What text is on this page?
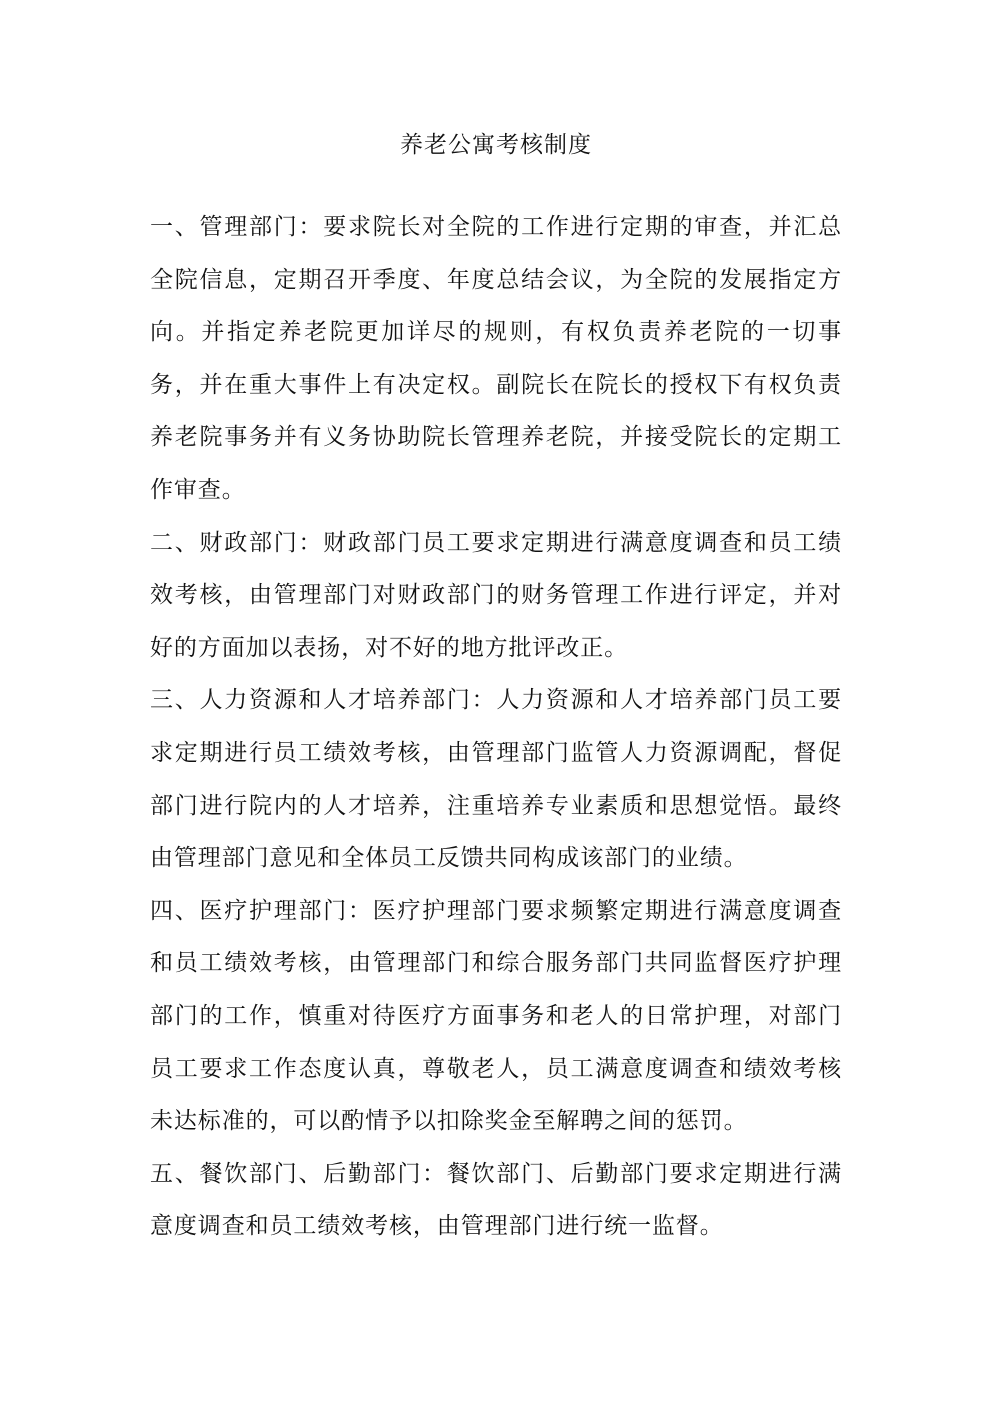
养老公寓考核制度

一、管理部门：要求院长对全院的工作进行定期的审查，并汇总全院信息，定期召开季度、年度总结会议，为全院的发展指定方向。并指定养老院更加详尽的规则，有权负责养老院的一切事务，并在重大事件上有决定权。副院长在院长的授权下有权负责养老院事务并有义务协助院长管理养老院，并接受院长的定期工作审查。

二、财政部门：财政部门员工要求定期进行满意度调查和员工绩效考核，由管理部门对财政部门的财务管理工作进行评定，并对好的方面加以表扬，对不好的地方批评改正。

三、人力资源和人才培养部门：人力资源和人才培养部门员工要求定期进行员工绩效考核，由管理部门监管人力资源调配，督促部门进行院内的人才培养，注重培养专业素质和思想觉悟。最终由管理部门意见和全体员工反馈共同构成该部门的业绩。

四、医疗护理部门：医疗护理部门要求频繁定期进行满意度调查和员工绩效考核，由管理部门和综合服务部门共同监督医疗护理部门的工作，慎重对待医疗方面事务和老人的日常护理，对部门员工要求工作态度认真，尊敬老人，员工满意度调查和绩效考核未达标准的，可以酌情予以扣除奖金至解聘之间的惩罚。

五、餐饮部门、后勤部门：餐饮部门、后勤部门要求定期进行满意度调查和员工绩效考核，由管理部门进行统一监督。
